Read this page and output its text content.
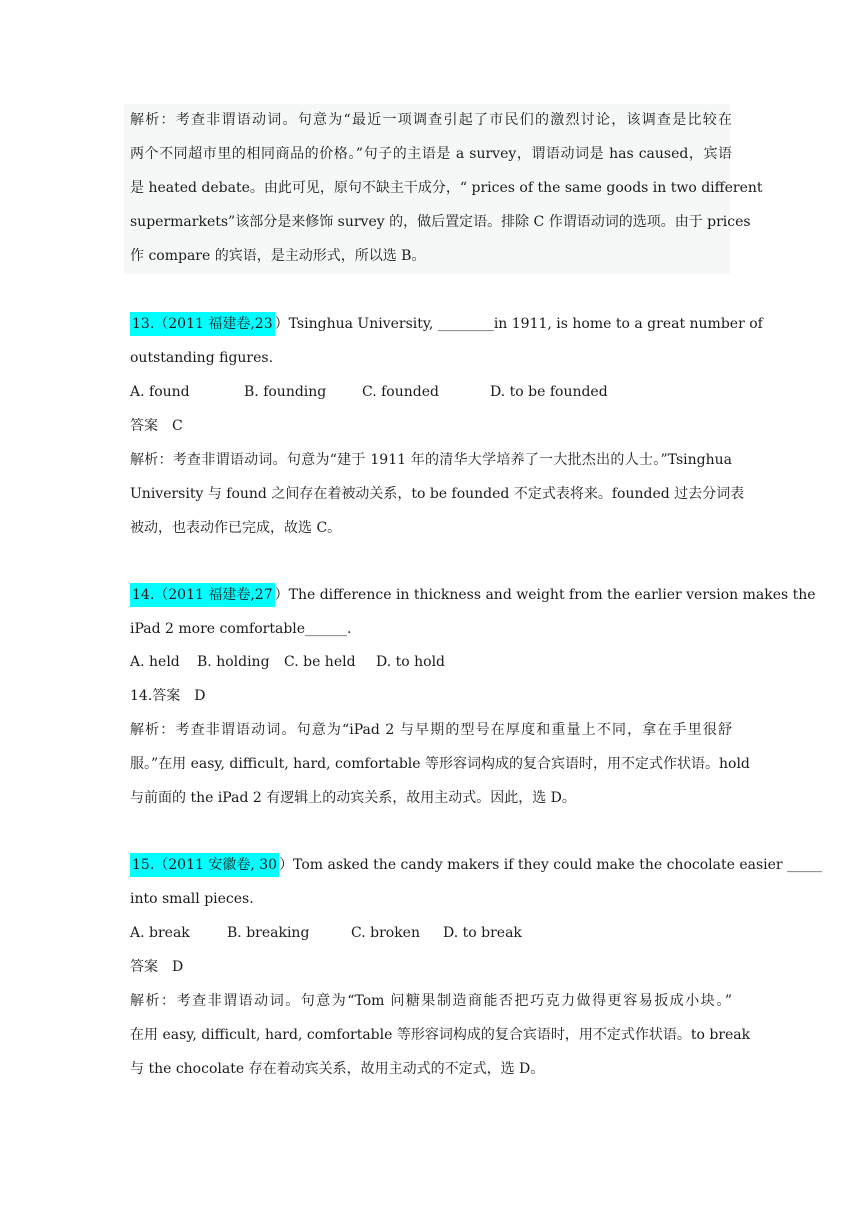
解析：考查非谓语动词。句意为“最近一项调查引起了市民们的激烈讨论，该调查是比较在
两个不同超市里的相同商品的价格。”句子的主语是 a survey，谓语动词是 has caused，宾语
是 heated debate。由此可见，原句不缺主干成分，“ prices of the same goods in two different
supermarkets”该部分是来修饰 survey 的，做后置定语。排除 C 作谓语动词的选项。由于 prices
作 compare 的宾语，是主动形式，所以选 B。
13.（2011 福建卷,23 ）Tsinghua University, ________in 1911, is home to a great number of
outstanding figures.
A. found	B. founding	C. founded	D. to be founded
答案　C
解析：考查非谓语动词。句意为“建于 1911 年的清华大学培养了一大批杰出的人士。”Tsinghua
University 与 found 之间存在着被动关系，to be founded 不定式表将来。founded 过去分词表
被动，也表动作已完成，故选 C。
14.（2011 福建卷,27 ）The difference in thickness and weight from the earlier version makes the
iPad 2 more comfortable______.
A. held B. holding C. be held D. to hold
14.答案　D
解析：考查非谓语动词。句意为“iPad 2 与早期的型号在厚度和重量上不同，拿在手里很舒
服。”在用 easy, difficult, hard, comfortable 等形容词构成的复合宾语时，用不定式作状语。hold
与前面的 the iPad 2 有逻辑上的动宾关系，故用主动式。因此，选 D。
15.（2011 安徽卷, 30 ）Tom asked the candy makers if they could make the chocolate easier _____
into small pieces.
A. break	B. breaking	C. broken D. to break
答案　D
解析：考查非谓语动词。句意为“Tom 问糖果制造商能否把巧克力做得更容易扳成小块。”
在用 easy, difficult, hard, comfortable 等形容词构成的复合宾语时，用不定式作状语。to break
与 the chocolate 存在着动宾关系，故用主动式的不定式，选 D。
